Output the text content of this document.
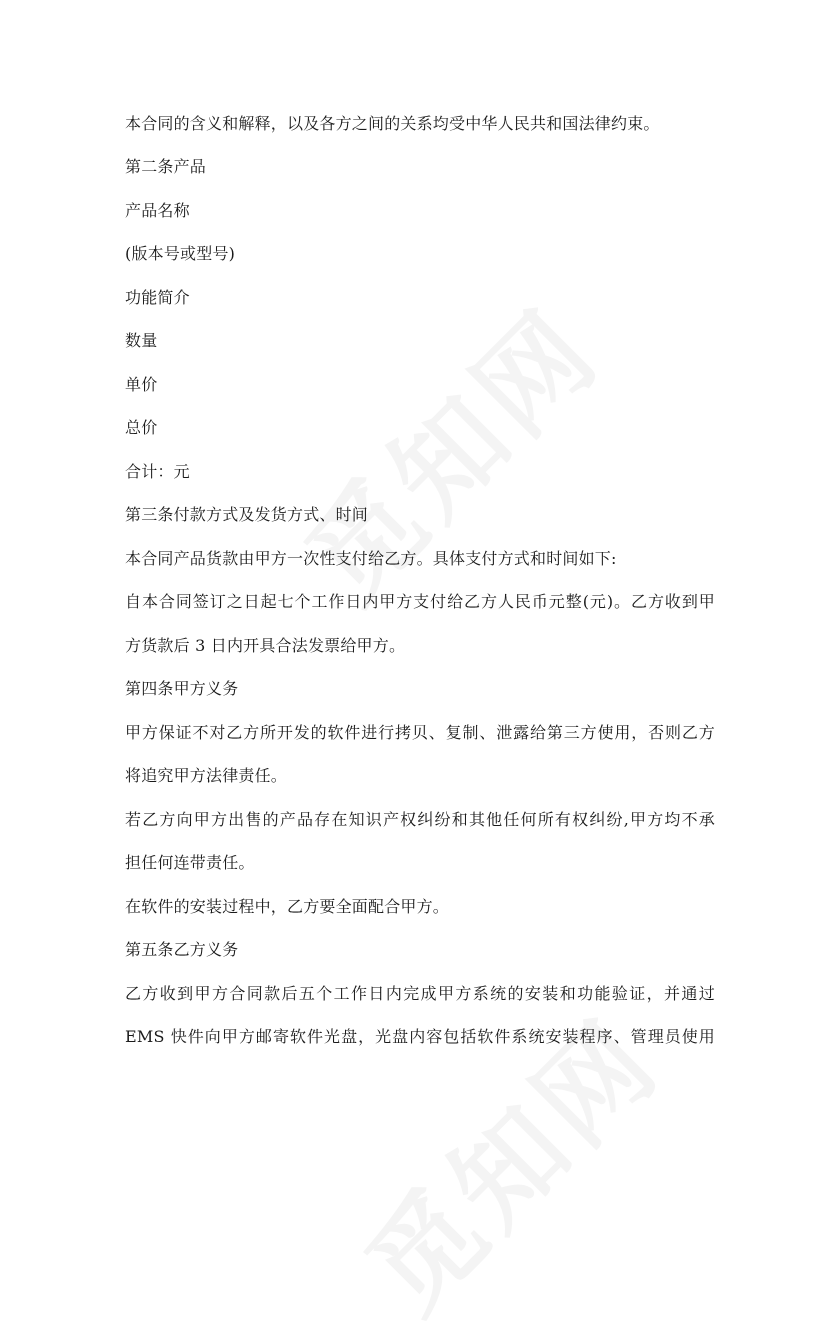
本合同的含义和解释，以及各方之间的关系均受中华人民共和国法律约束。
第二条产品
产品名称
(版本号或型号)
功能简介
数量
单价
总价
合计：元
第三条付款方式及发货方式、时间
本合同产品货款由甲方一次性支付给乙方。具体支付方式和时间如下:
自本合同签订之日起七个工作日内甲方支付给乙方人民币元整(元)。乙方收到甲
方货款后 3 日内开具合法发票给甲方。
第四条甲方义务
甲方保证不对乙方所开发的软件进行拷贝、复制、泄露给第三方使用，否则乙方
将追究甲方法律责任。
若乙方向甲方出售的产品存在知识产权纠纷和其他任何所有权纠纷,甲方均不承
担任何连带责任。
在软件的安装过程中，乙方要全面配合甲方。
第五条乙方义务
乙方收到甲方合同款后五个工作日内完成甲方系统的安装和功能验证，并通过
EMS 快件向甲方邮寄软件光盘，光盘内容包括软件系统安装程序、管理员使用
